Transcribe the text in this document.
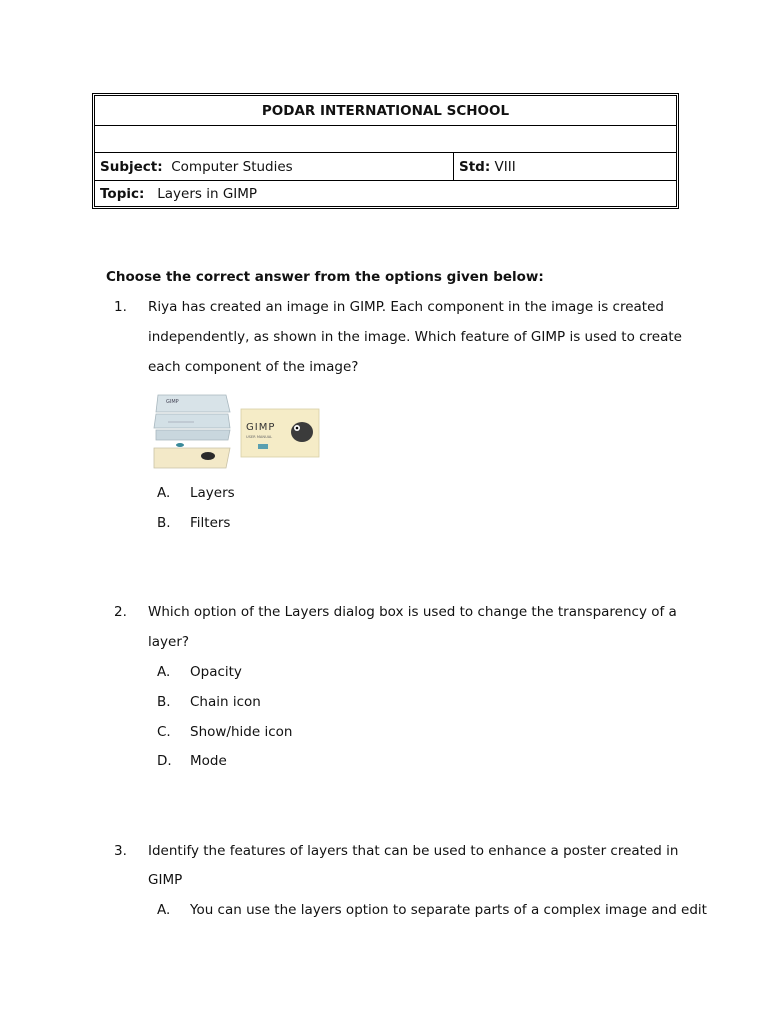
PODAR INTERNATIONAL SCHOOL
Subject:
Computer Studies	Std:
VIII
Topic:
Layers in GIMP
Choose the correct answer from the options given below:
1.	Riya has created an image in GIMP. Each component in the image is created
independently, as shown in the image. Which feature of GIMP is used to create
each component of the image?
GIMP
GIMP
USER MANUAL
A. Layers
B. Filters
2.	Which option of the Layers dialog box is used to change the transparency of a
layer?
A. Opacity
B. Chain icon
C. Show/hide icon
D. Mode
3.	Identify the features of layers that can be used to enhance a poster created in
GIMP
A. You can use the layers option to separate parts of a complex image and edit
